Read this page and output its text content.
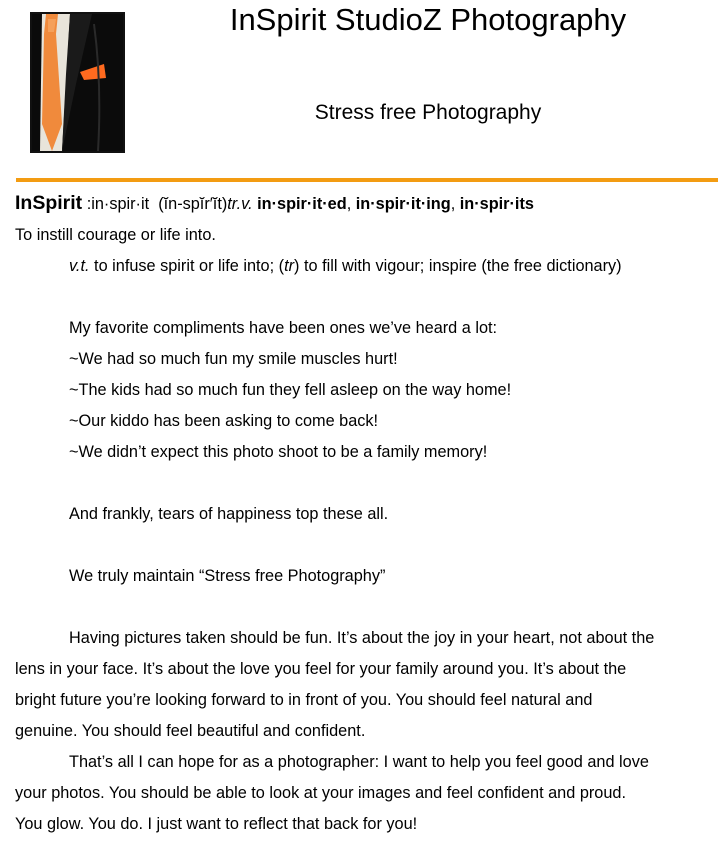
InSpirit StudioZ Photography
Stress free Photography

InSpirit :in·spir·it (ĭn-spĭr′ĭt)tr.v. in·spir·it·ed, in·spir·it·ing, in·spir·its

To instill courage or life into.

v.t. to infuse spirit or life into; (tr) to fill with vigour; inspire (the free dictionary)

My favorite compliments have been ones we’ve heard a lot:

~We had so much fun my smile muscles hurt!

~The kids had so much fun they fell asleep on the way home!

~Our kiddo has been asking to come back!

~We didn’t expect this photo shoot to be a family memory!

And frankly, tears of happiness top these all.

We truly maintain “Stress free Photography”

Having pictures taken should be fun. It’s about the joy in your heart, not about the
lens in your face. It’s about the love you feel for your family around you. It’s about the
bright future you’re looking forward to in front of you. You should feel natural and
genuine. You should feel beautiful and confident.
That’s all I can hope for as a photographer: I want to help you feel good and love
your photos. You should be able to look at your images and feel confident and proud.
You glow. You do. I just want to reflect that back for you!
